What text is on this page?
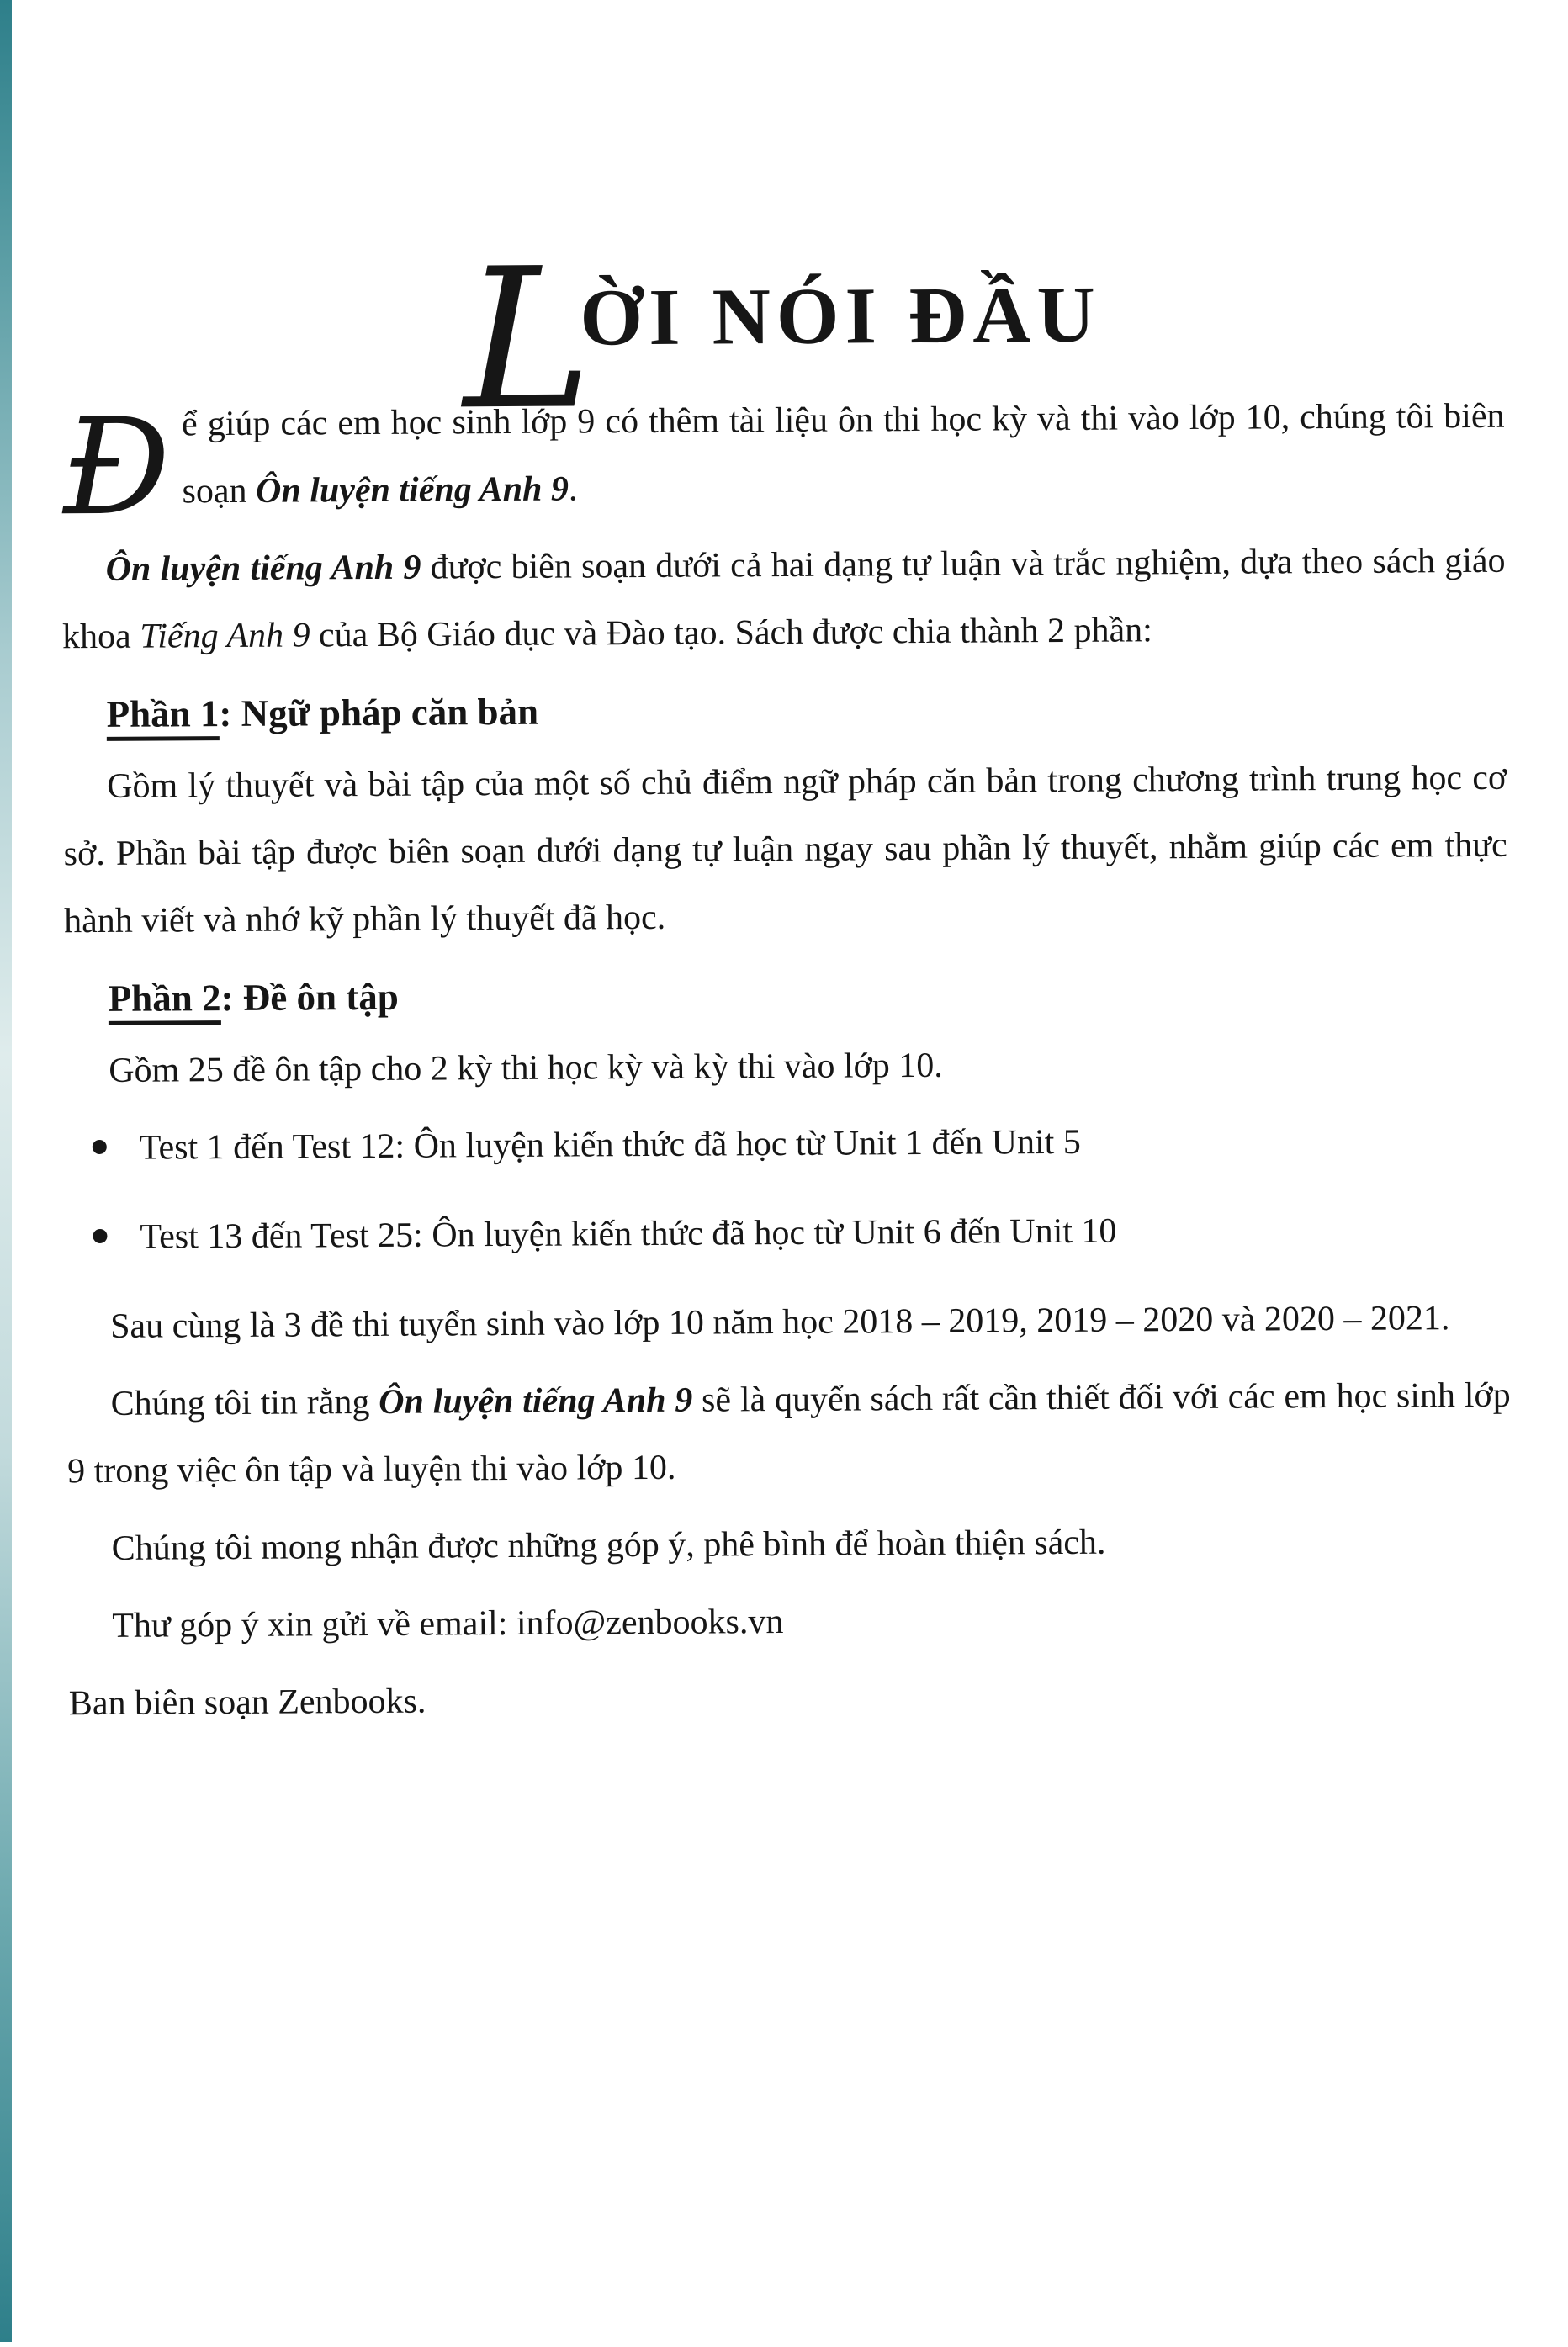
L
ỜI NÓI ĐẦU

Để giúp các em học sinh lớp 9 có thêm tài liệu ôn thi học kỳ và thi vào lớp 10, chúng tôi biên soạn Ôn luyện tiếng Anh 9.

Ôn luyện tiếng Anh 9 được biên soạn dưới cả hai dạng tự luận và trắc nghiệm, dựa theo sách giáo khoa Tiếng Anh 9 của Bộ Giáo dục và Đào tạo. Sách được chia thành 2 phần:

Phần 1: Ngữ pháp căn bản

Gồm lý thuyết và bài tập của một số chủ điểm ngữ pháp căn bản trong chương trình trung học cơ sở. Phần bài tập được biên soạn dưới dạng tự luận ngay sau phần lý thuyết, nhằm giúp các em thực hành viết và nhớ kỹ phần lý thuyết đã học.

Phần 2: Đề ôn tập

Gồm 25 đề ôn tập cho 2 kỳ thi học kỳ và kỳ thi vào lớp 10.

Test 1 đến Test 12: Ôn luyện kiến thức đã học từ Unit 1 đến Unit 5
Test 13 đến Test 25: Ôn luyện kiến thức đã học từ Unit 6 đến Unit 10

Sau cùng là 3 đề thi tuyển sinh vào lớp 10 năm học 2018 – 2019, 2019 – 2020 và 2020 – 2021.

Chúng tôi tin rằng Ôn luyện tiếng Anh 9 sẽ là quyển sách rất cần thiết đối với các em học sinh lớp 9 trong việc ôn tập và luyện thi vào lớp 10.

Chúng tôi mong nhận được những góp ý, phê bình để hoàn thiện sách.

Thư góp ý xin gửi về email: info@zenbooks.vn

Ban biên soạn Zenbooks.
